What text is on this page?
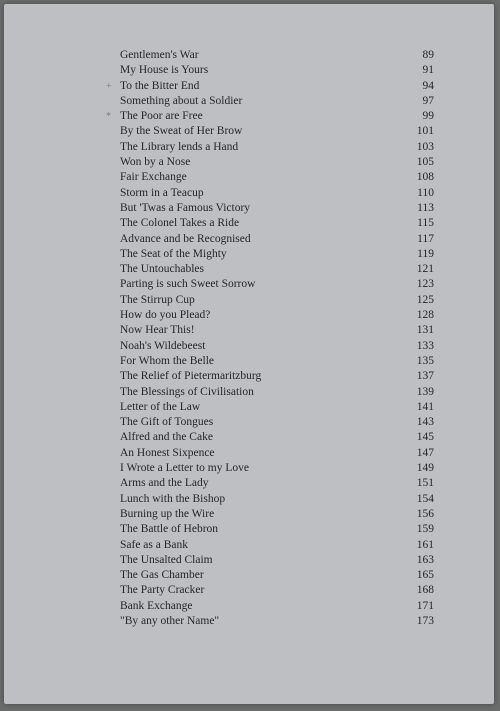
Gentlemen's War	89
My House is Yours	91
+ To the Bitter End	94
Something about a Soldier	97
* The Poor are Free	99
By the Sweat of Her Brow	101
The Library lends a Hand	103
Won by a Nose	105
Fair Exchange	108
Storm in a Teacup	110
But 'Twas a Famous Victory	113
The Colonel Takes a Ride	115
Advance and be Recognised	117
The Seat of the Mighty	119
The Untouchables	121
Parting is such Sweet Sorrow	123
The Stirrup Cup	125
How do you Plead?	128
Now Hear This!	131
Noah's Wildebeest	133
For Whom the Belle	135
The Relief of Pietermaritzburg	137
The Blessings of Civilisation	139
Letter of the Law	141
The Gift of Tongues	143
Alfred and the Cake	145
An Honest Sixpence	147
I Wrote a Letter to my Love	149
Arms and the Lady	151
Lunch with the Bishop	154
Burning up the Wire	156
The Battle of Hebron	159
Safe as a Bank	161
The Unsalted Claim	163
The Gas Chamber	165
The Party Cracker	168
Bank Exchange	171
"By any other Name"	173
